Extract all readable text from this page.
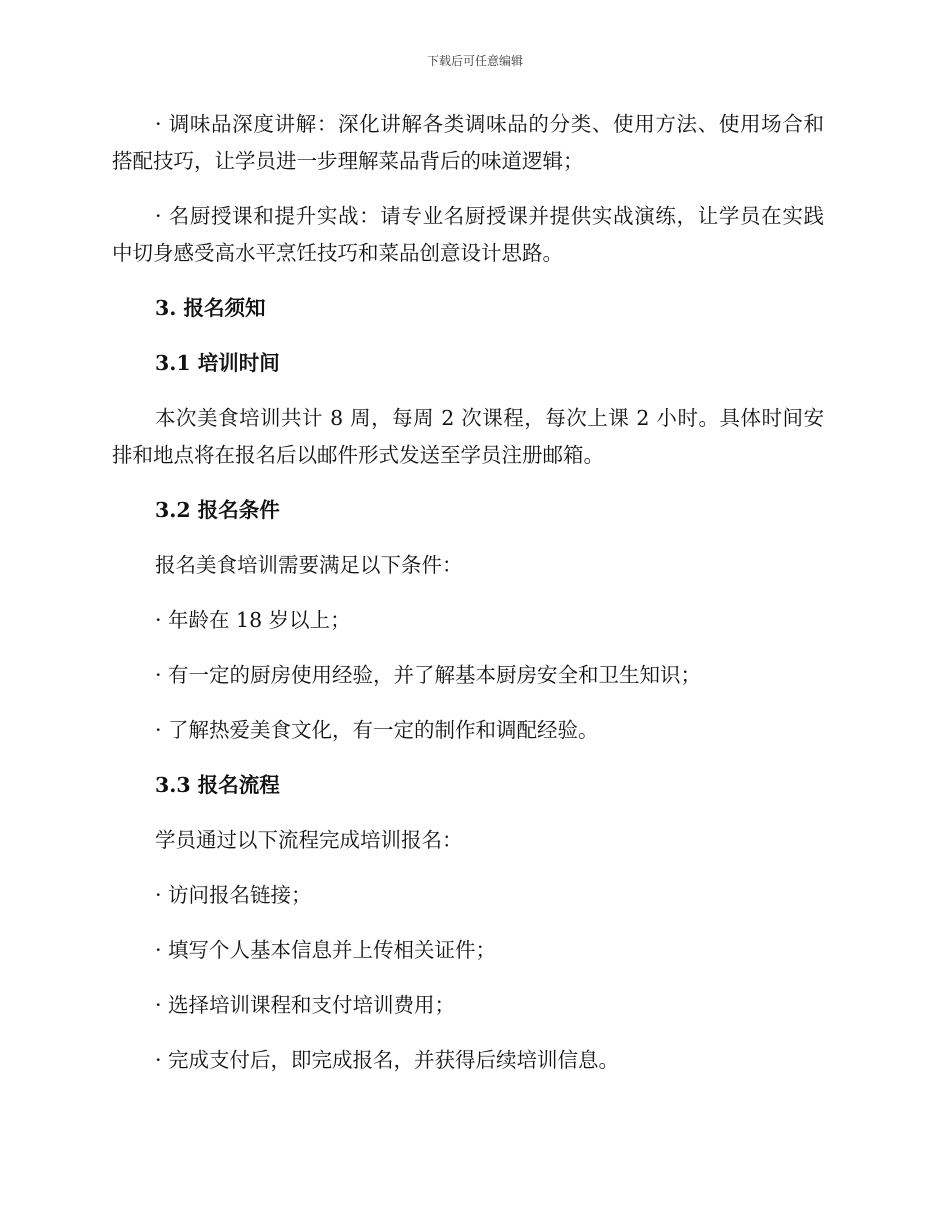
下载后可任意编辑

· 调味品深度讲解：深化讲解各类调味品的分类、使用方法、使用场合和搭配技巧，让学员进一步理解菜品背后的味道逻辑；

· 名厨授课和提升实战：请专业名厨授课并提供实战演练，让学员在实践中切身感受高水平烹饪技巧和菜品创意设计思路。

3. 报名须知
3.1 培训时间

本次美食培训共计 8 周，每周 2 次课程，每次上课 2 小时。具体时间安排和地点将在报名后以邮件形式发送至学员注册邮箱。

3.2 报名条件

报名美食培训需要满足以下条件：

· 年龄在 18 岁以上；
· 有一定的厨房使用经验，并了解基本厨房安全和卫生知识；
· 了解热爱美食文化，有一定的制作和调配经验。
3.3 报名流程

学员通过以下流程完成培训报名：

· 访问报名链接；
· 填写个人基本信息并上传相关证件；
· 选择培训课程和支付培训费用；
· 完成支付后，即完成报名，并获得后续培训信息。
